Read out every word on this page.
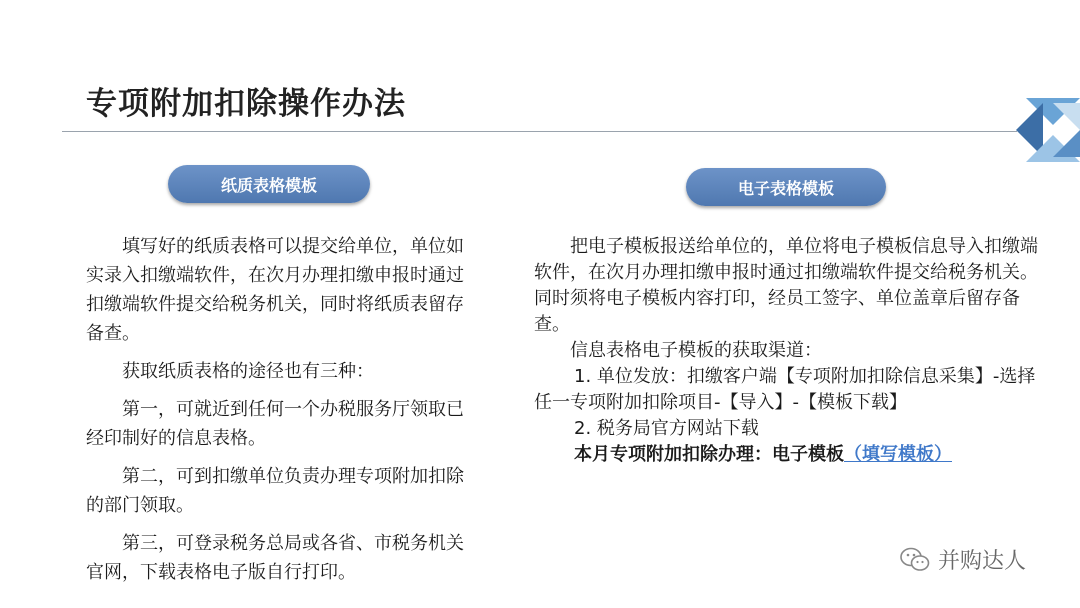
专项附加扣除操作办法
纸质表格模板	电子表格模板

填写好的纸质表格可以提交给单位，单位如实录入扣缴端软件，在次月办理扣缴申报时通过扣缴端软件提交给税务机关，同时将纸质表留存备查。

获取纸质表格的途径也有三种：

第一，可就近到任何一个办税服务厅领取已经印制好的信息表格。

第二，可到扣缴单位负责办理专项附加扣除的部门领取。

第三，可登录税务总局或各省、市税务机关官网，下载表格电子版自行打印。

把电子模板报送给单位的，单位将电子模板信息导入扣缴端软件，在次月办理扣缴申报时通过扣缴端软件提交给税务机关。同时须将电子模板内容打印，经员工签字、单位盖章后留存备查。

信息表格电子模板的获取渠道：

1. 单位发放：扣缴客户端【专项附加扣除信息采集】-选择任一专项附加扣除项目-【导入】-【模板下载】

2. 税务局官方网站下载

本月专项附加扣除办理：电子模板（填写模板）

并购达人
